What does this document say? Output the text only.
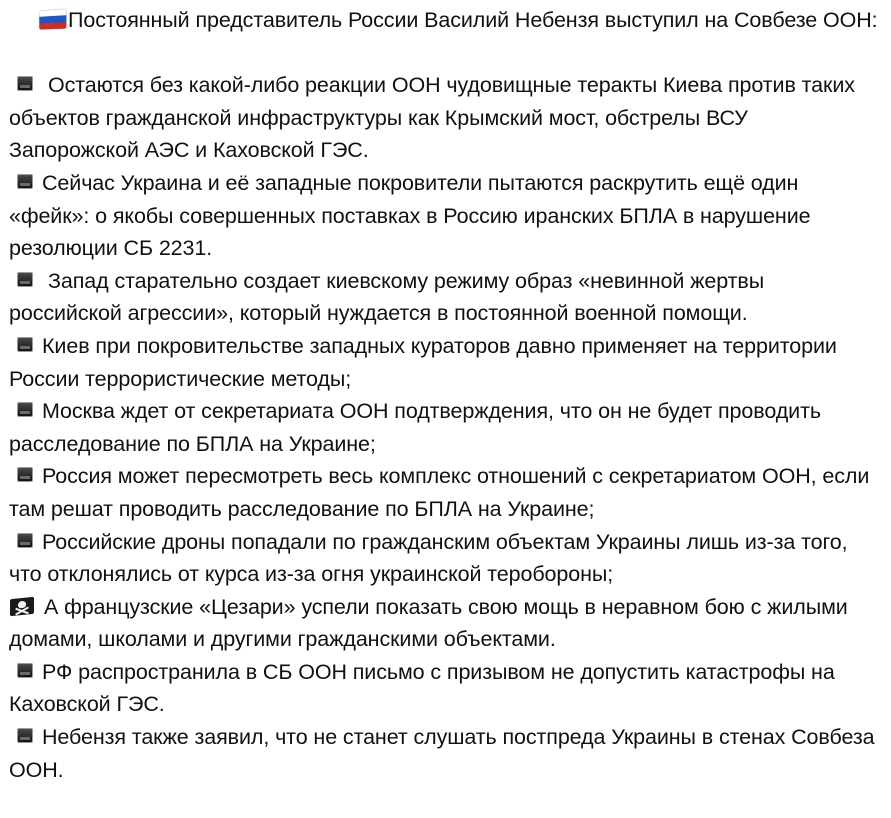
Постоянный представитель России Василий Небензя выступил на Совбезе ООН:
Остаются без какой-либо реакции ООН чудовищные теракты Киева против таких объектов гражданской инфраструктуры как Крымский мост, обстрелы ВСУ Запорожской АЭС и Каховской ГЭС.
Сейчас Украина и её западные покровители пытаются раскрутить ещё один «фейк»: о якобы совершенных поставках в Россию иранских БПЛА в нарушение резолюции СБ 2231.
Запад старательно создает киевскому режиму образ «невинной жертвы российской агрессии», который нуждается в постоянной военной помощи.
Киев при покровительстве западных кураторов давно применяет на территории России террористические методы;
Москва ждет от секретариата ООН подтверждения, что он не будет проводить расследование по БПЛА на Украине;
Россия может пересмотреть весь комплекс отношений с секретариатом ООН, если там решат проводить расследование по БПЛА на Украине;
Российские дроны попадали по гражданским объектам Украины лишь из-за того, что отклонялись от курса из-за огня украинской теробороны;
А французские «Цезари» успели показать свою мощь в неравном бою с жилыми домами, школами и другими гражданскими объектами.
РФ распространила в СБ ООН письмо с призывом не допустить катастрофы на Каховской ГЭС.
Небензя также заявил, что не станет слушать постпреда Украины в стенах Совбеза ООН.
